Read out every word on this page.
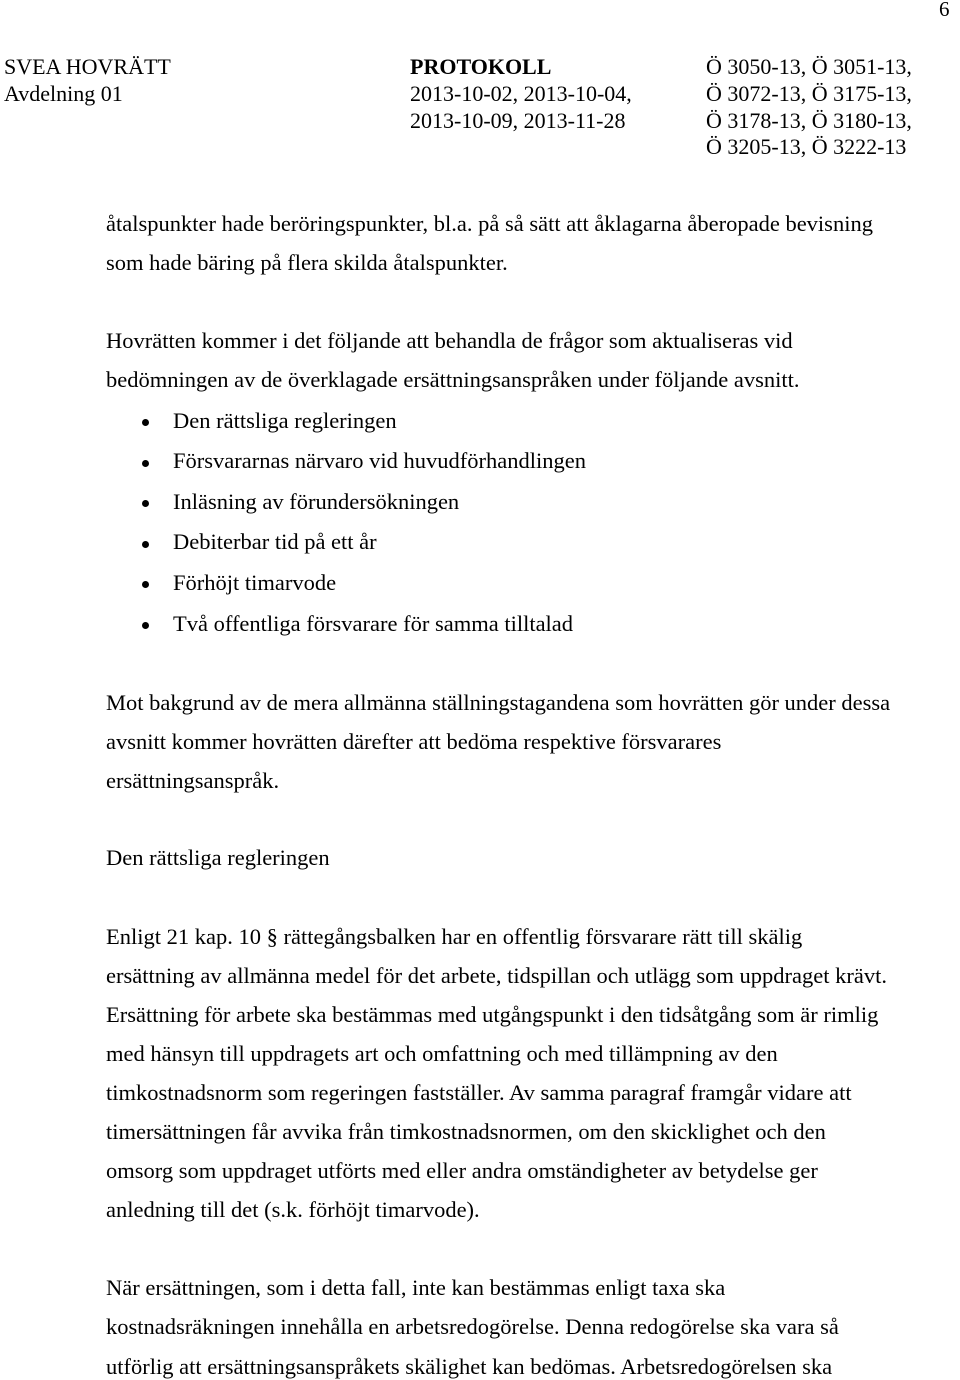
6
SVEA HOVRÄTT
Avdelning 01
PROTOKOLL
2013-10-02, 2013-10-04,
2013-10-09, 2013-11-28
Ö 3050-13, Ö 3051-13,
Ö 3072-13, Ö 3175-13,
Ö 3178-13, Ö 3180-13,
Ö 3205-13, Ö 3222-13
åtalspunkter hade beröringspunkter, bl.a. på så sätt att åklagarna åberopade bevisning
som hade bäring på flera skilda åtalspunkter.
Hovrätten kommer i det följande att behandla de frågor som aktualiseras vid
bedömningen av de överklagade ersättningsanspråken under följande avsnitt.
Den rättsliga regleringen
Försvararnas närvaro vid huvudförhandlingen
Inläsning av förundersökningen
Debiterbar tid på ett år
Förhöjt timarvode
Två offentliga försvarare för samma tilltalad
Mot bakgrund av de mera allmänna ställningstagandena som hovrätten gör under dessa
avsnitt kommer hovrätten därefter att bedöma respektive försvarares
ersättningsanspråk.
Den rättsliga regleringen
Enligt 21 kap. 10 § rättegångsbalken har en offentlig försvarare rätt till skälig
ersättning av allmänna medel för det arbete, tidspillan och utlägg som uppdraget krävt.
Ersättning för arbete ska bestämmas med utgångspunkt i den tidsåtgång som är rimlig
med hänsyn till uppdragets art och omfattning och med tillämpning av den
timkostnadsnorm som regeringen fastställer. Av samma paragraf framgår vidare att
timersättningen får avvika från timkostnadsnormen, om den skicklighet och den
omsorg som uppdraget utförts med eller andra omständigheter av betydelse ger
anledning till det (s.k. förhöjt timarvode).
När ersättningen, som i detta fall, inte kan bestämmas enligt taxa ska
kostnadsräkningen innehålla en arbetsredogörelse. Denna redogörelse ska vara så
utförlig att ersättningsanspråkets skälighet kan bedömas. Arbetsredogörelsen ska
